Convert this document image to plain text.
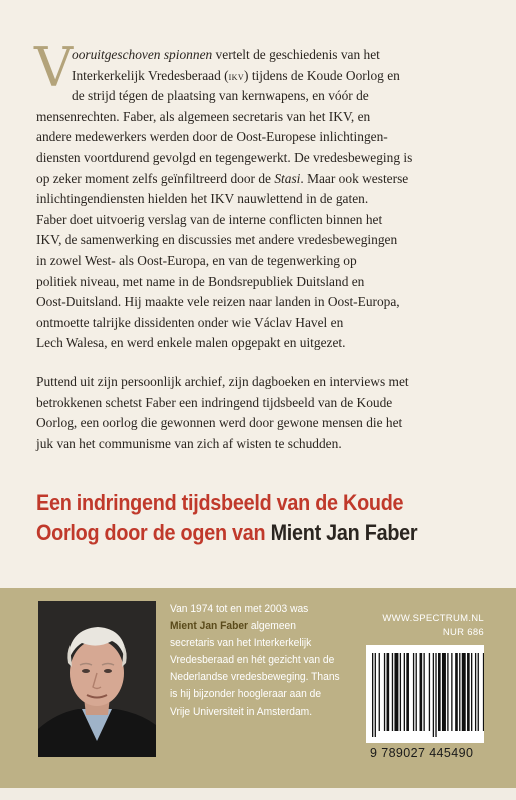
V ooruitgeschoven spionnen vertelt de geschiedenis van het
Interkerkelijk Vredesberaad (ikv) tijdens de Koude Oorlog en
de strijd tégen de plaatsing van kernwapens, en vóór de
mensenrechten. Faber, als algemeen secretaris van het IKV, en
andere medewerkers werden door de Oost-Europese inlichtingen-
diensten voortdurend gevolgd en tegengewerkt. De vredesbeweging is
op zeker moment zelfs geïnfiltreerd door de Stasi. Maar ook westerse
inlichtingendiensten hielden het IKV nauwlettend in de gaten.
Faber doet uitvoerig verslag van de interne conflicten binnen het
IKV, de samenwerking en discussies met andere vredesbewegingen
in zowel West- als Oost-Europa, en van de tegenwerking op
politiek niveau, met name in de Bondsrepubliek Duitsland en
Oost-Duitsland. Hij maakte vele reizen naar landen in Oost-Europa,
ontmoette talrijke dissidenten onder wie Václav Havel en
Lech Walesa, en werd enkele malen opgepakt en uitgezet.
Puttend uit zijn persoonlijk archief, zijn dagboeken en interviews met
betrokkenen schetst Faber een indringend tijdsbeeld van de Koude
Oorlog, een oorlog die gewonnen werd door gewone mensen die het
juk van het communisme van zich af wisten te schudden.
Een indringend tijdsbeeld van de Koude
Oorlog door de ogen van Mient Jan Faber
Van 1974 tot en met 2003 was
Mient Jan Faber algemeen
secretaris van het Interkerkelijk
Vredesberaad en hét gezicht van de
Nederlandse vredesbeweging. Thans
is hij bijzonder hoogleraar aan de
Vrije Universiteit in Amsterdam.
WWW.SPECTRUM.NL
NUR 686
9 789027 445490
